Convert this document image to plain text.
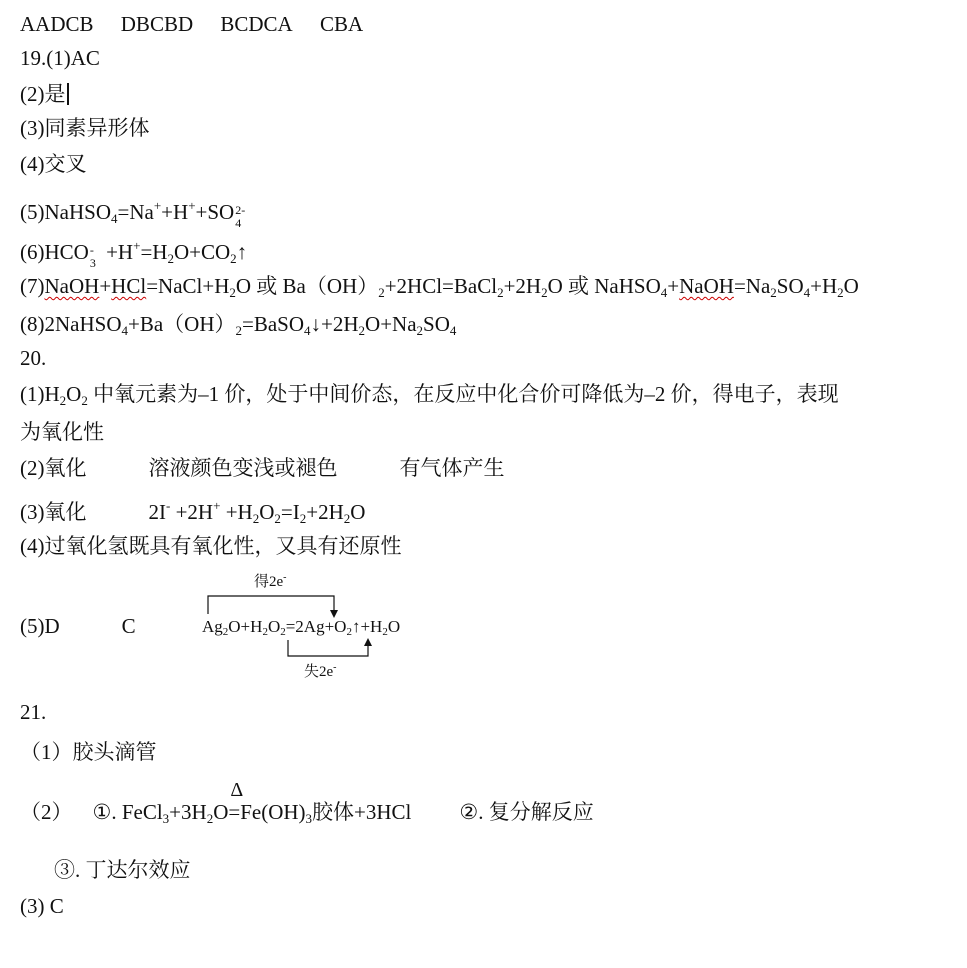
AADCB DBCBD BCDCA CBA
19.(1)AC
(2)是
(3)同素异形体
(4)交叉
(5)NaHSO$_4$=Na++H++SO 2-
4
(6)HCO -
$3 +H^+=H_2O+CO_2↑$
$(7)NaOH+HCl=NaCl+H_2O$ 或 $Ba(OH)_2+2HCl=BaCl_2+2H_2O$ 或 $NaHSO_4+NaOH=Na_2SO_4+H_2O$
$(8)2NaHSO_4+Ba(OH)_2=BaSO_4↓+2H_2O+Na_2SO_4$
20.
$(1)H_2O_2$ 中氧元素为–1 价，处于中间价态，在反应中化合价可降低为–2 价，得电子，表现
为氧化性
(2)氧化	溶液颜色变浅或褪色	有气体产生
(3)氧化	$2I^- +2H^+ +H_2O_2=I_2+2H_2O$
(4)过氧化氢既具有氧化性，又具有还原性
(5)D	C
得2e-
Ag2O+H2O2=2Ag+O2↑+H2O
失2e-
21.
（1）胶头滴管
（2） ①. $FeCl_3+3H_2O$
Δ
$=Fe(OH)_3$胶体+3HCl ②. 复分解反应
③. 丁达尔效应
(3) C
